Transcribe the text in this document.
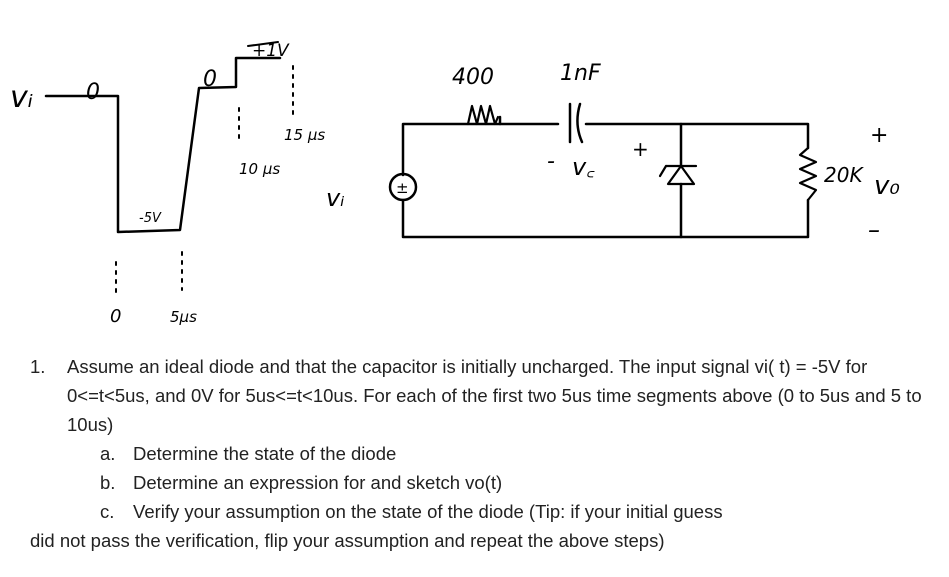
vᵢ 0
0
+1V
-5V
15 μs
10 μs
0	5μs
400	1nF
- v꜀
+
vᵢ	±
20K
+
v₀
–
1.	Assume an ideal diode and that the capacitor is initially uncharged. The input signal vi( t) = -5V for 0<=t<5us, and 0V for 5us<=t<10us. For each of the first two 5us time segments above (0 to 5us and 5 to 10us)
a. Determine the state of the diode
b. Determine an expression for and sketch vo(t)
c. Verify your assumption on the state of the diode (Tip: if your initial guess
did not pass the verification, flip your assumption and repeat the above steps)
